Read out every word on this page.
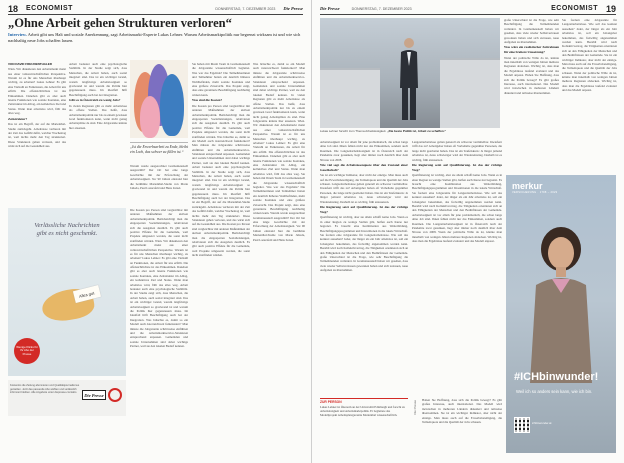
18 ECONOMIST	DONNERSTAG, 7. DEZEMBER 2023 Die Presse
„Ohne Arbeit gehen Strukturen verloren“
Interview. Arbeit gibt uns Halt und soziale Anerkennung, sagt Arbeitsmarkt-Experte Lukas Lehner. Warum Arbeitsmarktpolitik nur begrenzt wirksam ist und wie sich nachhaltig neue Jobs schaffen lassen.
VON DAVID FREUDENTHALER
Wien. Wir diskutieren den Arbeitsmarkt meist aus einer volkswirtschaftlichen Perspektive. Warum ist es für uns Menschen überhaupt wichtig, zu arbeiten? Lukas Lehner: Es gibt eine Vielzahl an Funktionen, die Arbeit für uns erfüllt. Die offensichtlichste ist das Einkommen. Daneben gibt es aber auch latente Funktionen wie soziale Kontakte, eine Zeitstruktur im Alltag, ein kollektives Ziel und Status. Wenn man arbeitslos wird, fällt das alles weg.
Zeitstruktur?
Das ist ein Begriff, der auf die Marienthal-Studie zurückgeht. Arbeitslose verlieren mit der Zeit das Gefühl dafür, welcher Wochentag ist, weil nichts mehr den Tag strukturiert. Diese Strukturen gehen verloren, und das wirkt sich auf die Gesundheit aus.
Arbeit bedeutet auch eine psychologische Stabilität. In der Studie zeigt sich, dass Menschen, die Arbeit haben, auch sozial integriert sind. Das ist ein wichtiger Grund, warum langfristige Arbeitslosigkeit so gravierend ist und warum die Politik hier gegensteuern muss. Im Idealfall hilft Beschäftigung auch bei der Integration.
Gibt es in Österreich zu wenig Jobs?
In vielen Regionen gibt es mehr Arbeitslose als offene Stellen. Das heißt, dass Arbeitsmarktpolitik nur bis zu einem gewissen Grad funktionieren kann, wenn nicht genug Arbeitsplätze da sind. Eine Jobgarantie könnte hier ansetzen.
„Ist die Erwerbsarbeit zu Ende, bleibt ein Loch, das schwer zu füllen ist.“
Warum wurde ausgerechnet Gramatneusiedl ausgewählt? Der Ort hat eine lange Geschichte mit der Erforschung der Arbeitslosigkeit. Vor 90 Jahren entstand hier die berühmte Marienthal-Studie von Marie Jahoda, Paul Lazarsfeld und Hans Zeisel.
Sie haben mit Ihrem Team in Gramatneusiedl die Jobgarantie wissenschaftlich begleitet. Was war das Ergebnis? Die Teilnehmerinnen und Teilnehmer hatten ein deutlich höheres Wohlbefinden, mehr soziale Kontakte und eine größere Zuversicht. Das Projekt zeigt, dass eine garantierte Beschäftigung nachhaltig wirken kann.
Was sind die Kosten?
Die Kosten pro Person sind vergleichbar mit anderen Maßnahmen der aktiven Arbeitsmarktpolitik. Berücksichtigt man die eingesparten Sozialleistungen, relativieren sich die Ausgaben deutlich. Es gibt auch positive Effekte für die Gemeinde, weil Projekte umgesetzt werden, die sonst nicht stattfinden würden. Was bräuchte es, damit so ein Modell auch österreichweit funktioniert? Man müsste die Jobgarantie schrittweise einführen und die Arbeitsmarktservice-Strukturen entsprechend anpassen. Gemeinden und soziale Unternehmen sind dabei wichtige Partner, weil sie den lokalen Bedarf kennen. Arbeit bedeutet auch eine psychologische Stabilität. In der Studie zeigt sich, dass Menschen, die Arbeit haben, auch sozial integriert sind. Das ist ein wichtiger Grund, warum langfristige Arbeitslosigkeit so gravierend ist und warum die Politik hier gegensteuern muss. Im Idealfall hilft Beschäftigung auch bei der Integration. Das ist ein Begriff, der auf die Marienthal-Studie zurückgeht. Arbeitslose verlieren mit der Zeit das Gefühl dafür, welcher Wochentag ist, weil nichts mehr den Tag strukturiert. Diese Strukturen gehen verloren, und das wirkt sich auf die Gesundheit aus. Die Kosten pro Person sind vergleichbar mit anderen Maßnahmen der aktiven Arbeitsmarktpolitik. Berücksichtigt man die eingesparten Sozialleistungen, relativieren sich die Ausgaben deutlich. Es gibt auch positive Effekte für die Gemeinde, weil Projekte umgesetzt werden, die sonst nicht stattfinden würden.
Was bräuchte es, damit so ein Modell auch österreichweit funktioniert? Man müsste die Jobgarantie schrittweise einführen und die Arbeitsmarktservice-Strukturen entsprechend anpassen. Gemeinden und soziale Unternehmen sind dabei wichtige Partner, weil sie den lokalen Bedarf kennen. In vielen Regionen gibt es mehr Arbeitslose als offene Stellen. Das heißt, dass Arbeitsmarktpolitik nur bis zu einem gewissen Grad funktionieren kann, wenn nicht genug Arbeitsplätze da sind. Eine Jobgarantie könnte hier ansetzen. Wien. Wir diskutieren den Arbeitsmarkt meist aus einer volkswirtschaftlichen Perspektive. Warum ist es für uns Menschen überhaupt wichtig, zu arbeiten? Lukas Lehner: Es gibt eine Vielzahl an Funktionen, die Arbeit für uns erfüllt. Die offensichtlichste ist das Einkommen. Daneben gibt es aber auch latente Funktionen wie soziale Kontakte, eine Zeitstruktur im Alltag, ein kollektives Ziel und Status. Wenn man arbeitslos wird, fällt das alles weg. Sie haben mit Ihrem Team in Gramatneusiedl die Jobgarantie wissenschaftlich begleitet. Was war das Ergebnis? Die Teilnehmerinnen und Teilnehmer hatten ein deutlich höheres Wohlbefinden, mehr soziale Kontakte und eine größere Zuversicht. Das Projekt zeigt, dass eine garantierte Beschäftigung nachhaltig wirken kann. Warum wurde ausgerechnet Gramatneusiedl ausgewählt? Der Ort hat eine lange Geschichte mit der Erforschung der Arbeitslosigkeit. Vor 90 Jahren entstand hier die berühmte Marienthal-Studie von Marie Jahoda, Paul Lazarsfeld und Hans Zeisel.
Die Kosten pro Person sind vergleichbar mit anderen Maßnahmen der aktiven Arbeitsmarktpolitik. Berücksichtigt man die eingesparten Sozialleistungen, relativieren sich die Ausgaben deutlich. Es gibt auch positive Effekte für die Gemeinde, weil Projekte umgesetzt werden, die sonst nicht stattfinden würden. Wien. Wir diskutieren den Arbeitsmarkt meist aus einer volkswirtschaftlichen Perspektive. Warum ist es für uns Menschen überhaupt wichtig, zu arbeiten? Lukas Lehner: Es gibt eine Vielzahl an Funktionen, die Arbeit für uns erfüllt. Die offensichtlichste ist das Einkommen. Daneben gibt es aber auch latente Funktionen wie soziale Kontakte, eine Zeitstruktur im Alltag, ein kollektives Ziel und Status. Wenn man arbeitslos wird, fällt das alles weg. Arbeit bedeutet auch eine psychologische Stabilität. In der Studie zeigt sich, dass Menschen, die Arbeit haben, auch sozial integriert sind. Das ist ein wichtiger Grund, warum langfristige Arbeitslosigkeit so gravierend ist und warum die Politik hier gegensteuern muss. Im Idealfall hilft Beschäftigung auch bei der Integration. Was bräuchte es, damit so ein Modell auch österreichweit funktioniert? Man müsste die Jobgarantie schrittweise einführen und die Arbeitsmarktservice-Strukturen entsprechend anpassen. Gemeinden und soziale Unternehmen sind dabei wichtige Partner, weil sie den lokalen Bedarf kennen.
Verlässliche Nachrichten
gibt es nicht geschenkt.
Alles gut.
Wenige Klicks für Ihr Abo der Presse
Kostenlos die Zeitung abonnieren und Qualitätsjournalismus genießen. Jetzt das passende Abo wählen und verlässlich informiert bleiben. Alle Angebote unter diepresse.com/abo	Die Presse
Die Presse	DONNERSTAG, 7. DEZEMBER 2023	ECONOMIST 19
Lukas Lehner forscht zum Thema Arbeitslosigkeit. „Die beste Politik ist, Arbeit zu schaffen.“
große Unterschied ist die Frage, wie sehr Beschäftigung die Teilnehmenden verändert. In Gramatneusiedl haben wir gesehen, dass viele wieder Selbstvertrauen gewonnen haben und sich zutrauen, neue Aufgaben zu übernehmen.
Was wäre ein realistischer Zeitrahmen für eine breitere Umsetzung?
Wenn der politische Wille da ist, könnte man innerhalb von wenigen Jahren mehrere Regionen abdecken. Wichtig ist, dass man die Ergebnisse laufend evaluiert und das Modell anpasst. Haben Sie Hoffnung, dass sich die Politik bewegt? Es gibt großes Interesse, auch international. Das Modell wird inzwischen in mehreren Ländern diskutiert und teilweise übernommen.
Sie fordern eine Jobgarantie für Langzeitarbeitslose. Wie soll das konkret aussehen? Jeder, der länger als ein Jahr arbeitslos ist, soll ein Jobangebot bekommen, das freiwillig angenommen werden kann. Bezahlt wird nach Kollektivvertrag, die Tätigkeiten orientieren sich an den Fähigkeiten der Menschen und den Bedürfnissen der Gemeinde. Sie ist ein wichtiger Indikator, aber nicht der einzige. Man muss auch auf die Erwerbsbeteiligung, die Teilzeitquote und die Qualität der Jobs schauen. Wenn der politische Wille da ist, könnte man innerhalb von wenigen Jahren mehrere Regionen abdecken. Wichtig ist, dass man die Ergebnisse laufend evaluiert und das Modell anpasst.
Arbeitslosigkeit ist vor allem für jene problematisch, die schon lange ohne Job sind. Ihnen fehlen nicht nur das Einkommen, sondern auch Routinen. Die Langzeitarbeitslosigkeit ist in Österreich nach der Pandemie zwar gesunken, liegt aber immer noch deutlich über dem Niveau von 2008.
Wie viel sagt die Arbeitslosenquote über den Zustand einer Gesellschaft?
Sie ist ein wichtiger Indikator, aber nicht der einzige. Man muss auch auf die Erwerbsbeteiligung, die Teilzeitquote und die Qualität der Jobs schauen. Langzeitarbeitslose gelten generell als schwerer vermittelbar. Inwiefern trifft das zu? Arbeitgeber haben oft Vorbehalte gegenüber Personen, die lange nicht gearbeitet haben. Das ist ein Teufelskreis: Je länger jemand arbeitslos ist, desto schwieriger wird der Wiedereinstieg. Deshalb ist es wichtig, früh anzusetzen.
Die Regierung setzt auf Qualifizierung. Ist das der richtige Weg?
Qualifizierung ist wichtig, aber sie allein schafft keine Jobs. Wenn es in einer Region zu wenige Stellen gibt, helfen auch Kurse nur begrenzt. Es braucht eine Kombination aus Weiterbildung, Beschäftigungsprogrammen und Investitionen in die lokale Wirtschaft. Sie fordern eine Jobgarantie für Langzeitarbeitslose. Wie soll das konkret aussehen? Jeder, der länger als ein Jahr arbeitslos ist, soll ein Jobangebot bekommen, das freiwillig angenommen werden kann. Bezahlt wird nach Kollektivvertrag, die Tätigkeiten orientieren sich an den Fähigkeiten der Menschen und den Bedürfnissen der Gemeinde. große Unterschied ist die Frage, wie sehr Beschäftigung die Teilnehmenden verändert. In Gramatneusiedl haben wir gesehen, dass viele wieder Selbstvertrauen gewonnen haben und sich zutrauen, neue Aufgaben zu übernehmen.
Langzeitarbeitslose gelten generell als schwerer vermittelbar. Inwiefern trifft das zu? Arbeitgeber haben oft Vorbehalte gegenüber Personen, die lange nicht gearbeitet haben. Das ist ein Teufelskreis: Je länger jemand arbeitslos ist, desto schwieriger wird der Wiedereinstieg. Deshalb ist es wichtig, früh anzusetzen.
Die Regierung setzt auf Qualifizierung. Ist das der richtige Weg?
Qualifizierung ist wichtig, aber sie allein schafft keine Jobs. Wenn es in einer Region zu wenige Stellen gibt, helfen auch Kurse nur begrenzt. Es braucht eine Kombination aus Weiterbildung, Beschäftigungsprogrammen und Investitionen in die lokale Wirtschaft. Sie fordern eine Jobgarantie für Langzeitarbeitslose. Wie soll das konkret aussehen? Jeder, der länger als ein Jahr arbeitslos ist, soll ein Jobangebot bekommen, das freiwillig angenommen werden kann. Bezahlt wird nach Kollektivvertrag, die Tätigkeiten orientieren sich an den Fähigkeiten der Menschen und den Bedürfnissen der Gemeinde. Arbeitslosigkeit ist vor allem für jene problematisch, die schon lange ohne Job sind. Ihnen fehlen nicht nur das Einkommen, sondern auch Routinen. Die Langzeitarbeitslosigkeit ist in Österreich nach der Pandemie zwar gesunken, liegt aber immer noch deutlich über dem Niveau von 2008. Wenn der politische Wille da ist, könnte man innerhalb von wenigen Jahren mehrere Regionen abdecken. Wichtig ist, dass man die Ergebnisse laufend evaluiert und das Modell anpasst.
ZUR PERSON
Lukas Lehner ist Ökonom an der Universität Edinburgh und forscht zu Arbeitslosigkeit und Arbeitsmarktpolitik. Er begleitete das Modellprojekt Arbeitsplatzgarantie Marienthal wissenschaftlich.
Die Presse	Haben Sie Hoffnung, dass sich die Politik bewegt? Es gibt großes Interesse, auch international. Das Modell wird inzwischen in mehreren Ländern diskutiert und teilweise übernommen. Sie ist ein wichtiger Indikator, aber nicht der einzige. Man muss auch auf die Erwerbsbeteiligung, die Teilzeitquote und die Qualität der Jobs schauen.
merkur
VERSICHERUNG · 1798 – 2023
#ICHbinwunder!
Weil ich so anders sein kann, wie ich bin.
ichbinwunder.at
